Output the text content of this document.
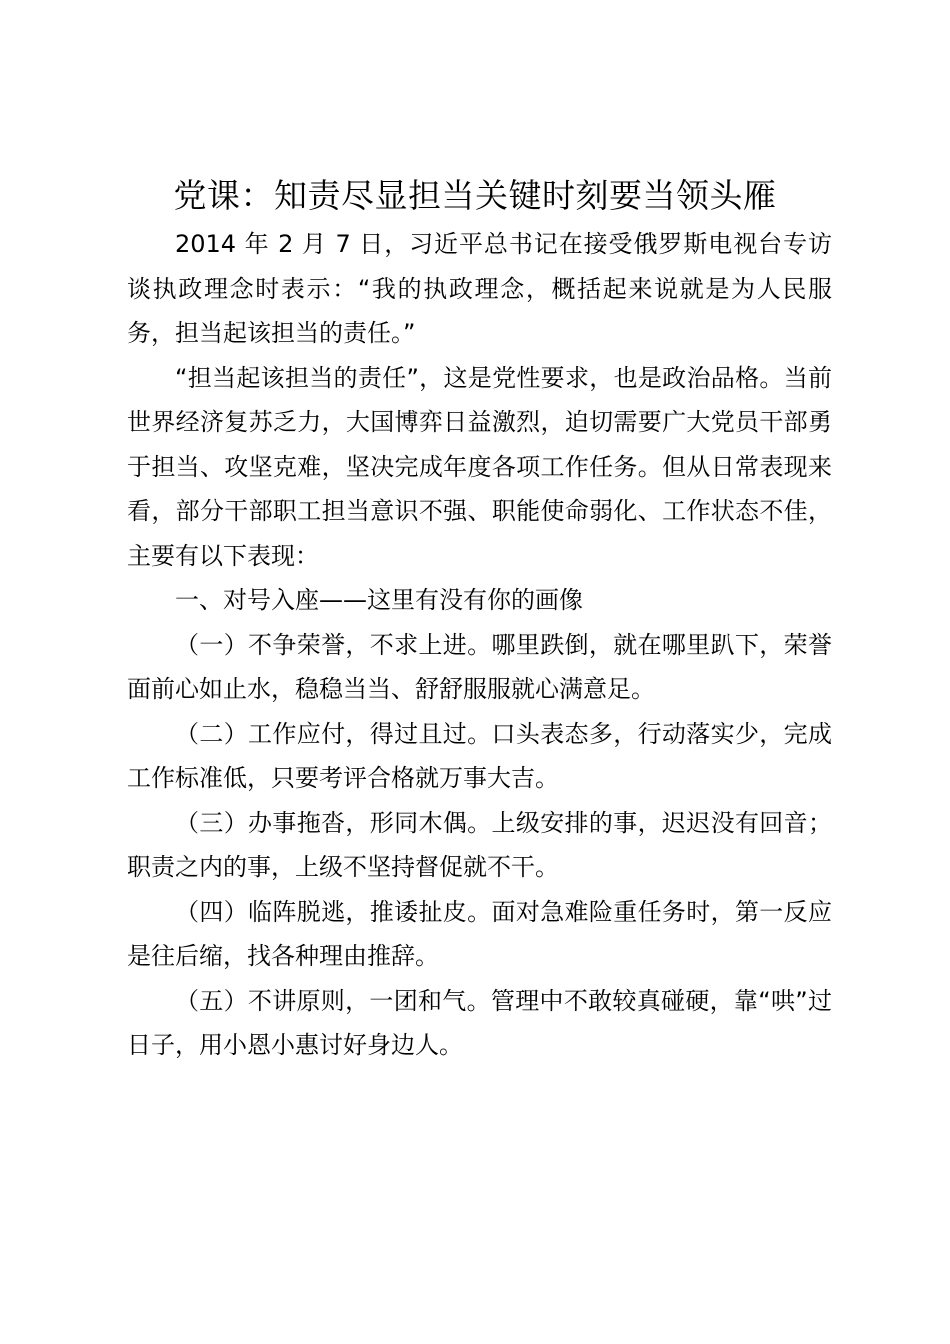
党课：知责尽显担当关键时刻要当领头雁

2014 年 2 月 7 日，习近平总书记在接受俄罗斯电视台专访谈执政理念时表示：“我的执政理念，概括起来说就是为人民服务，担当起该担当的责任。”

“担当起该担当的责任”，这是党性要求，也是政治品格。当前世界经济复苏乏力，大国博弈日益激烈，迫切需要广大党员干部勇于担当、攻坚克难，坚决完成年度各项工作任务。但从日常表现来看，部分干部职工担当意识不强、职能使命弱化、工作状态不佳，主要有以下表现：

一、对号入座——这里有没有你的画像

（一）不争荣誉，不求上进。哪里跌倒，就在哪里趴下，荣誉面前心如止水，稳稳当当、舒舒服服就心满意足。

（二）工作应付，得过且过。口头表态多，行动落实少，完成工作标准低，只要考评合格就万事大吉。

（三）办事拖沓，形同木偶。上级安排的事，迟迟没有回音；职责之内的事，上级不坚持督促就不干。

（四）临阵脱逃，推诿扯皮。面对急难险重任务时，第一反应是往后缩，找各种理由推辞。

（五）不讲原则，一团和气。管理中不敢较真碰硬，靠“哄”过日子，用小恩小惠讨好身边人。
